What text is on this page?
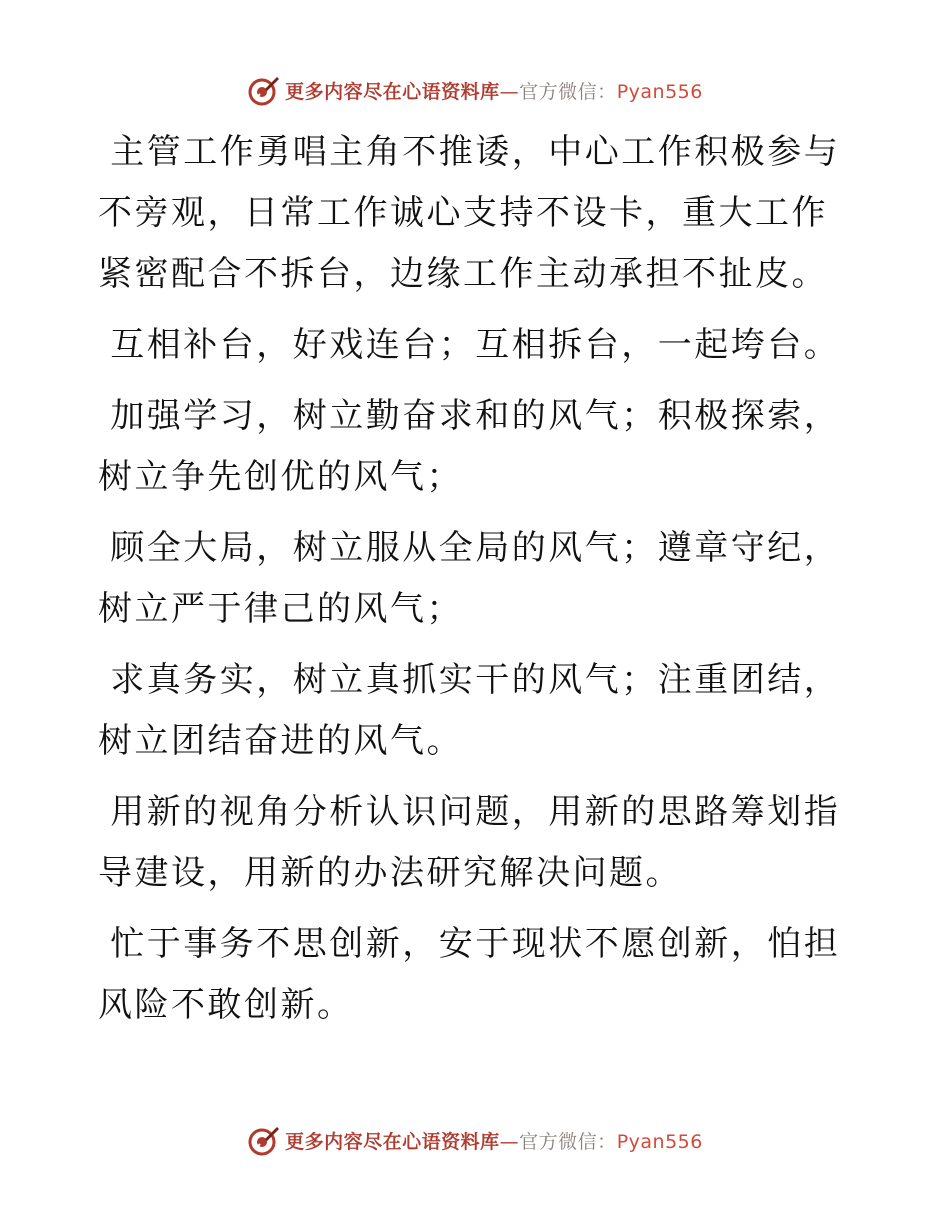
更多内容尽在心语资料库—官方微信：Pyan556

主管工作勇唱主角不推诿，中心工作积极参与不旁观，日常工作诚心支持不设卡，重大工作紧密配合不拆台，边缘工作主动承担不扯皮。

互相补台，好戏连台；互相拆台，一起垮台。

加强学习，树立勤奋求和的风气；积极探索，树立争先创优的风气；

顾全大局，树立服从全局的风气；遵章守纪，树立严于律己的风气；

求真务实，树立真抓实干的风气；注重团结，树立团结奋进的风气。

用新的视角分析认识问题，用新的思路筹划指导建设，用新的办法研究解决问题。

忙于事务不思创新，安于现状不愿创新，怕担风险不敢创新。

更多内容尽在心语资料库—官方微信：Pyan556
